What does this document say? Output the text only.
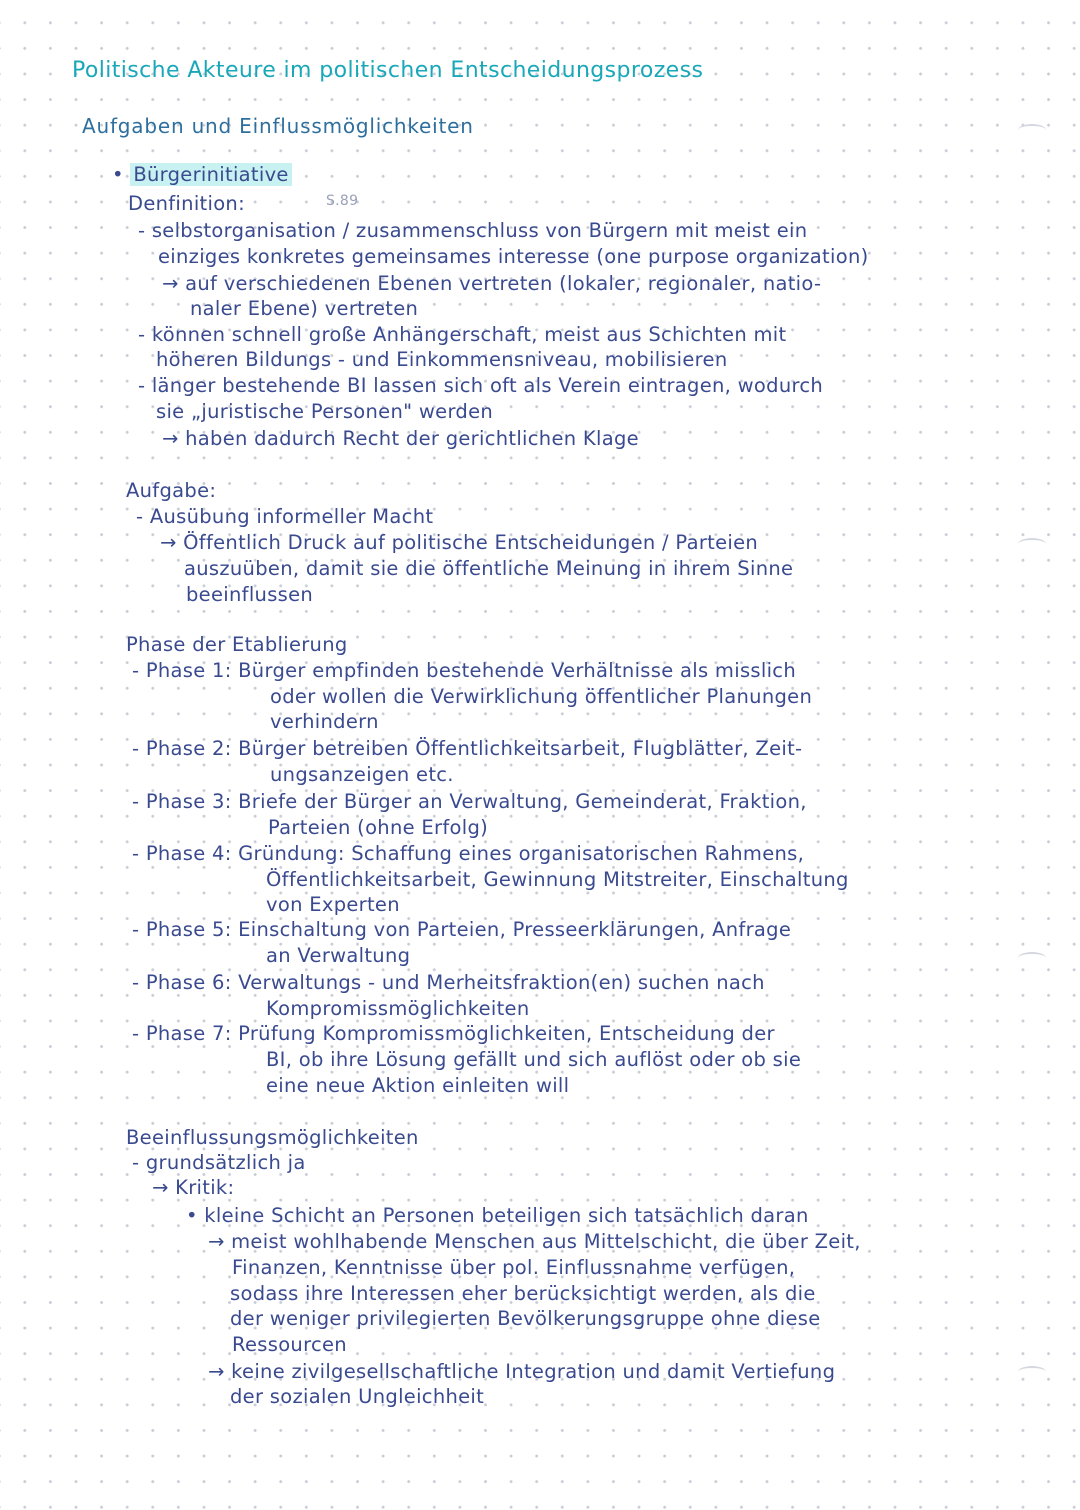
Politische Akteure im politischen Entscheidungsprozess
Aufgaben und Einflussmöglichkeiten
• Bürgerinitiative
Denfinition:	S.89
- selbstorganisation / zusammenschluss von Bürgern mit meist ein
einziges konkretes gemeinsames interesse (one purpose organization)
→ auf verschiedenen Ebenen vertreten (lokaler, regionaler, natio-
naler Ebene) vertreten
- können schnell große Anhängerschaft, meist aus Schichten mit
höheren Bildungs - und Einkommensniveau, mobilisieren
- länger bestehende BI lassen sich oft als Verein eintragen, wodurch
sie „juristische Personen" werden
→ haben dadurch Recht der gerichtlichen Klage
Aufgabe:
- Ausübung informeller Macht
→ Öffentlich Druck auf politische Entscheidungen / Parteien
auszuüben, damit sie die öffentliche Meinung in ihrem Sinne
beeinflussen
Phase der Etablierung
- Phase 1: Bürger empfinden bestehende Verhältnisse als misslich
oder wollen die Verwirklichung öffentlicher Planungen
verhindern
- Phase 2: Bürger betreiben Öffentlichkeitsarbeit, Flugblätter, Zeit-
ungsanzeigen etc.
- Phase 3: Briefe der Bürger an Verwaltung, Gemeinderat, Fraktion,
Parteien (ohne Erfolg)
- Phase 4: Gründung: Schaffung eines organisatorischen Rahmens,
Öffentlichkeitsarbeit, Gewinnung Mitstreiter, Einschaltung
von Experten
- Phase 5: Einschaltung von Parteien, Presseerklärungen, Anfrage
an Verwaltung
- Phase 6: Verwaltungs - und Merheitsfraktion(en) suchen nach
Kompromissmöglichkeiten
- Phase 7: Prüfung Kompromissmöglichkeiten, Entscheidung der
BI, ob ihre Lösung gefällt und sich auflöst oder ob sie
eine neue Aktion einleiten will
Beeinflussungsmöglichkeiten
- grundsätzlich ja
→ Kritik:
• kleine Schicht an Personen beteiligen sich tatsächlich daran
→ meist wohlhabende Menschen aus Mittelschicht, die über Zeit,
Finanzen, Kenntnisse über pol. Einflussnahme verfügen,
sodass ihre Interessen eher berücksichtigt werden, als die
der weniger privilegierten Bevölkerungsgruppe ohne diese
Ressourcen
→ keine zivilgesellschaftliche Integration und damit Vertiefung
der sozialen Ungleichheit
